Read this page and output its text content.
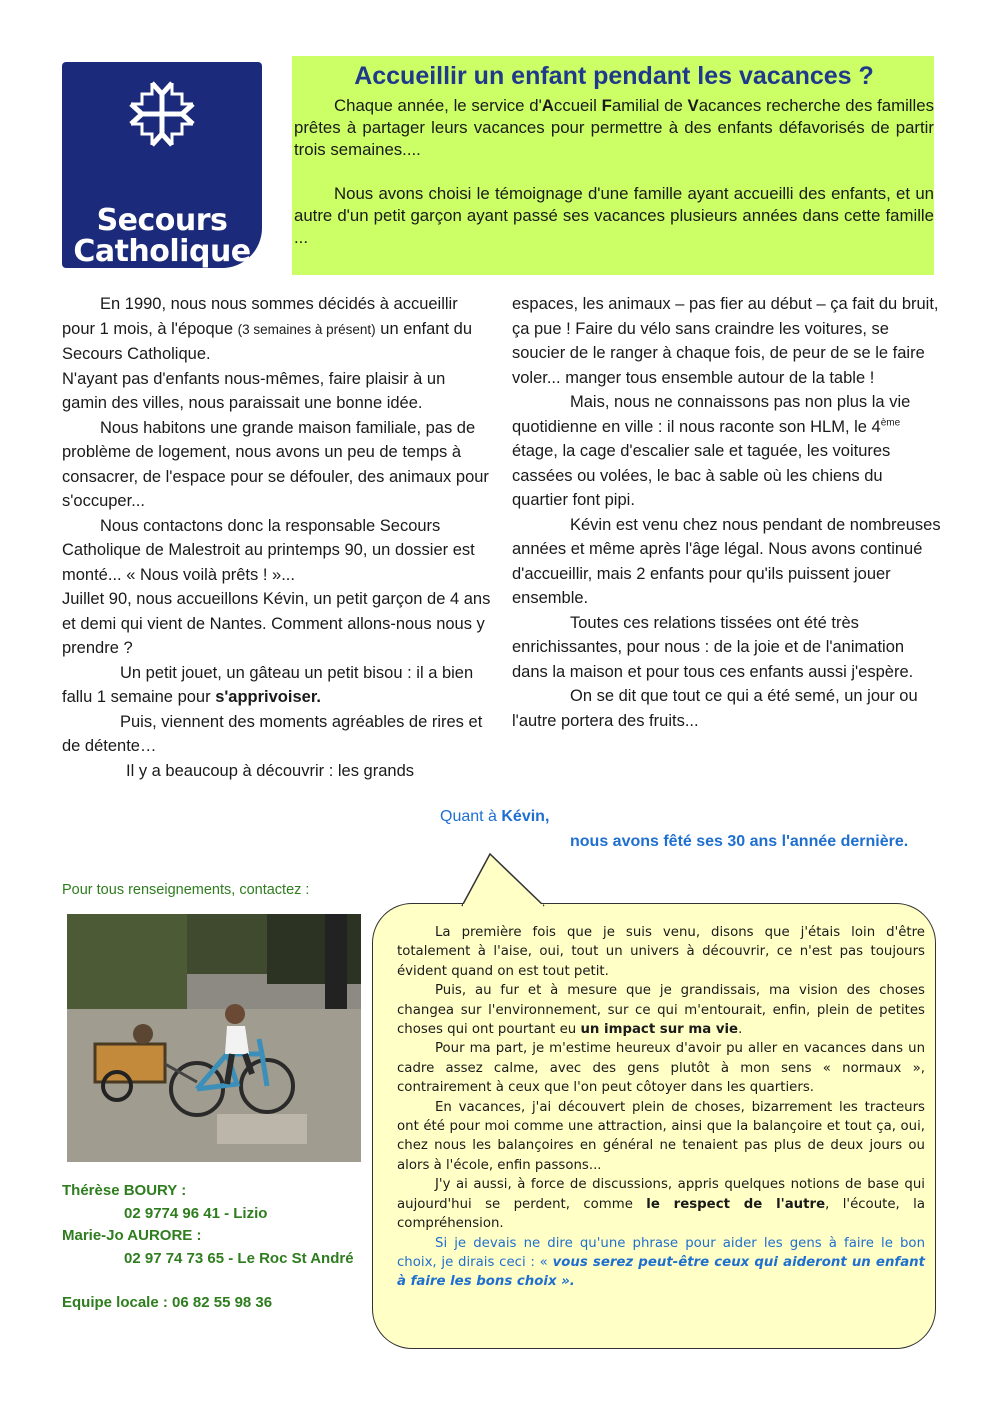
Secours
Catholique
Caritas France
Accueillir un enfant pendant les vacances ?

Chaque année, le service d'Accueil Familial de Vacances recherche des familles prêtes à partager leurs vacances pour permettre à des enfants défavorisés de partir trois semaines....

Nous avons choisi le témoignage d'une famille ayant accueilli des enfants, et un autre d'un petit garçon ayant passé ses vacances plusieurs années dans cette famille ...

En 1990, nous nous sommes décidés à accueillir pour 1 mois, à l'époque (3 semaines à présent) un enfant du Secours Catholique.

N'ayant pas d'enfants nous-mêmes, faire plaisir à un gamin des villes, nous paraissait une bonne idée.

Nous habitons une grande maison familiale, pas de problème de logement, nous avons un peu de temps à consacrer, de l'espace pour se défouler, des animaux pour s'occuper...

Nous contactons donc la responsable Secours Catholique de Malestroit au printemps 90, un dossier est monté... « Nous voilà prêts ! »...

Juillet 90, nous accueillons Kévin, un petit garçon de 4 ans et demi qui vient de Nantes. Comment allons-nous nous y prendre ?

Un petit jouet, un gâteau un petit bisou : il a bien fallu 1 semaine pour s'apprivoiser.

Puis, viennent des moments agréables de rires et de détente…

Il y a beaucoup à découvrir : les grands

espaces, les animaux – pas fier au début – ça fait du bruit, ça pue ! Faire du vélo sans craindre les voitures, se soucier de le ranger à chaque fois, de peur de se le faire voler... manger tous ensemble autour de la table !

Mais, nous ne connaissons pas non plus la vie quotidienne en ville : il nous raconte son HLM, le 4ème étage, la cage d'escalier sale et taguée, les voitures cassées ou volées, le bac à sable où les chiens du quartier font pipi.

Kévin est venu chez nous pendant de nombreuses années et même après l'âge légal. Nous avons continué d'accueillir, mais 2 enfants pour qu'ils puissent jouer ensemble.

Toutes ces relations tissées ont été très enrichissantes, pour nous : de la joie et de l'animation dans la maison et pour tous ces enfants aussi j'espère.

On se dit que tout ce qui a été semé, un jour ou l'autre portera des fruits...

Quant à Kévin,
nous avons fêté ses 30 ans l'année dernière.
Pour tous renseignements, contactez :
Thérèse BOURY :
02 9774 96 41 - Lizio
Marie-Jo AURORE :
02 97 74 73 65 - Le Roc St André
Equipe locale : 06 82 55 98 36

La première fois que je suis venu, disons que j'étais loin d'être totalement à l'aise, oui, tout un univers à découvrir, ce n'est pas toujours évident quand on est tout petit.

Puis, au fur et à mesure que je grandissais, ma vision des choses changea sur l'environnement, sur ce qui m'entourait, enfin, plein de petites choses qui ont pourtant eu un impact sur ma vie.

Pour ma part, je m'estime heureux d'avoir pu aller en vacances dans un cadre assez calme, avec des gens plutôt à mon sens « normaux », contrairement à ceux que l'on peut côtoyer dans les quartiers.

En vacances, j'ai découvert plein de choses, bizarrement les tracteurs ont été pour moi comme une attraction, ainsi que la balançoire et tout ça, oui, chez nous les balançoires en général ne tenaient pas plus de deux jours ou alors à l'école, enfin passons...

J'y ai aussi, à force de discussions, appris quelques notions de base qui aujourd'hui se perdent, comme le respect de l'autre, l'écoute, la compréhension.

Si je devais ne dire qu'une phrase pour aider les gens à faire le bon choix, je dirais ceci : « vous serez peut-être ceux qui aideront un enfant à faire les bons choix ».
